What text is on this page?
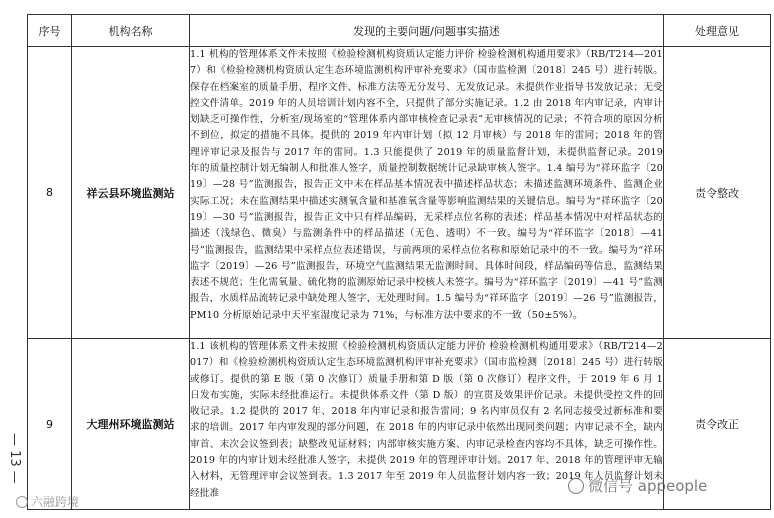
序号	机构名称	发现的主要问题/问题事实描述	处理意见
8	祥云县环境监测站	1.1 机构的管理体系文件未按照《检验检测机构资质认定能力评价 检验检测机构通用要求》（RB/T214—2017）和《检验检测机构资质认定生态环境监测机构评审补充要求》（国市监检测〔2018〕245 号）进行转版。保存在档案室的质量手册、程序文件、标准方法等无分发号、无发放记录。未提供作业指导书发放记录；无受控文件清单。2019 年的人员培训计划内容不全，只提供了部分实施记录。1.2 由 2018 年内审记录，内审计划缺乏可操作性，分析室/现场室的“管理体系内部审核检查记录表”无审核情况的记录；不符合项的原因分析不到位，拟定的措施不具体。提供的 2019 年内审计划（拟 12 月审核）与 2018 年的雷同；2018 年的管理评审记录及报告与 2017 年的雷同。1.3 只能提供了 2019 年的质量监督计划，未提供监督记录。2019 年的质量控制计划无编制人和批准人签字，质量控制数据统计记录缺审核人签字。1.4 编号为“祥环监字〔2019〕—28 号”监测报告，报告正文中未在样品基本情况表中描述样品状态；未描述监测环境条件、监测企业实际工况；未在监测结果中描述实测氧含量和基准氧含量等影响监测结果的关键信息。编号为“祥环监字〔2019〕—30 号”监测报告，报告正文中只有样品编码，无采样点位名称的表述；样品基本情况中对样品状态的描述（浅绿色、微臭）与监测条件中的样品描述（无色、透明）不一致。编号为“祥环监字〔2018〕—41 号”监测报告，监测结果中采样点位表述错误，与前两项的采样点位名称和原始记录中的不一致。编号为“祥环监字〔2019〕—26 号”监测报告，环境空气监测结果无监测时间、具体时间段，样品编码等信息，监测结果表述不规范；生化需氧量、硫化物的监测原始记录中校核人未签字。编号为“祥环监字〔2019〕—41 号”监测报告，水质样品流转记录中缺处理人签字，无处理时间。1.5 编号为“祥环监字〔2019〕—26 号”监测报告，PM10 分析原始记录中天平室湿度记录为 71%，与标准方法中要求的不一致（50±5%）。	责令整改
9	大理州环境监测站	1.1 该机构的管理体系文件未按照《检验检测机构资质认定能力评价 检验检测机构通用要求》（RB/T214—2017）和《检验检测机构资质认定生态环境监测机构评审补充要求》（国市监检测〔2018〕245 号）进行转版或修订。提供的第 E 版（第 0 次修订）质量手册和第 D 版（第 0 次修订）程序文件，于 2019 年 6 月 1 日发布实施，实际未经批准运行。未提供体系文件（第 D 版）的宣贯及效果评价记录。未提供受控文件的回收记录。1.2 提供的 2017 年、2018 年内审记录和报告雷同；9 名内审员仅有 2 名同志接受过新标准和要求的培训。2017 年内审发现的部分问题，在 2018 年的内审记录中依然出现同类问题；内审记录不全，缺内审首、末次会议签到表；缺整改见证材料；内部审核实施方案、内审记录检查内容均不具体，缺乏可操作性。2019 年的内审计划未经批准人签字，未提供 2019 年的管理评审计划。2017 年、2018 年的管理评审无输入材料，无管理评审会议签到表。1.3 2017 年至 2019 年人员监督计划内容一致；2019 年人员监督计划未经批准	责令改正
— 13 —
六融跨境
微信号 appeople
